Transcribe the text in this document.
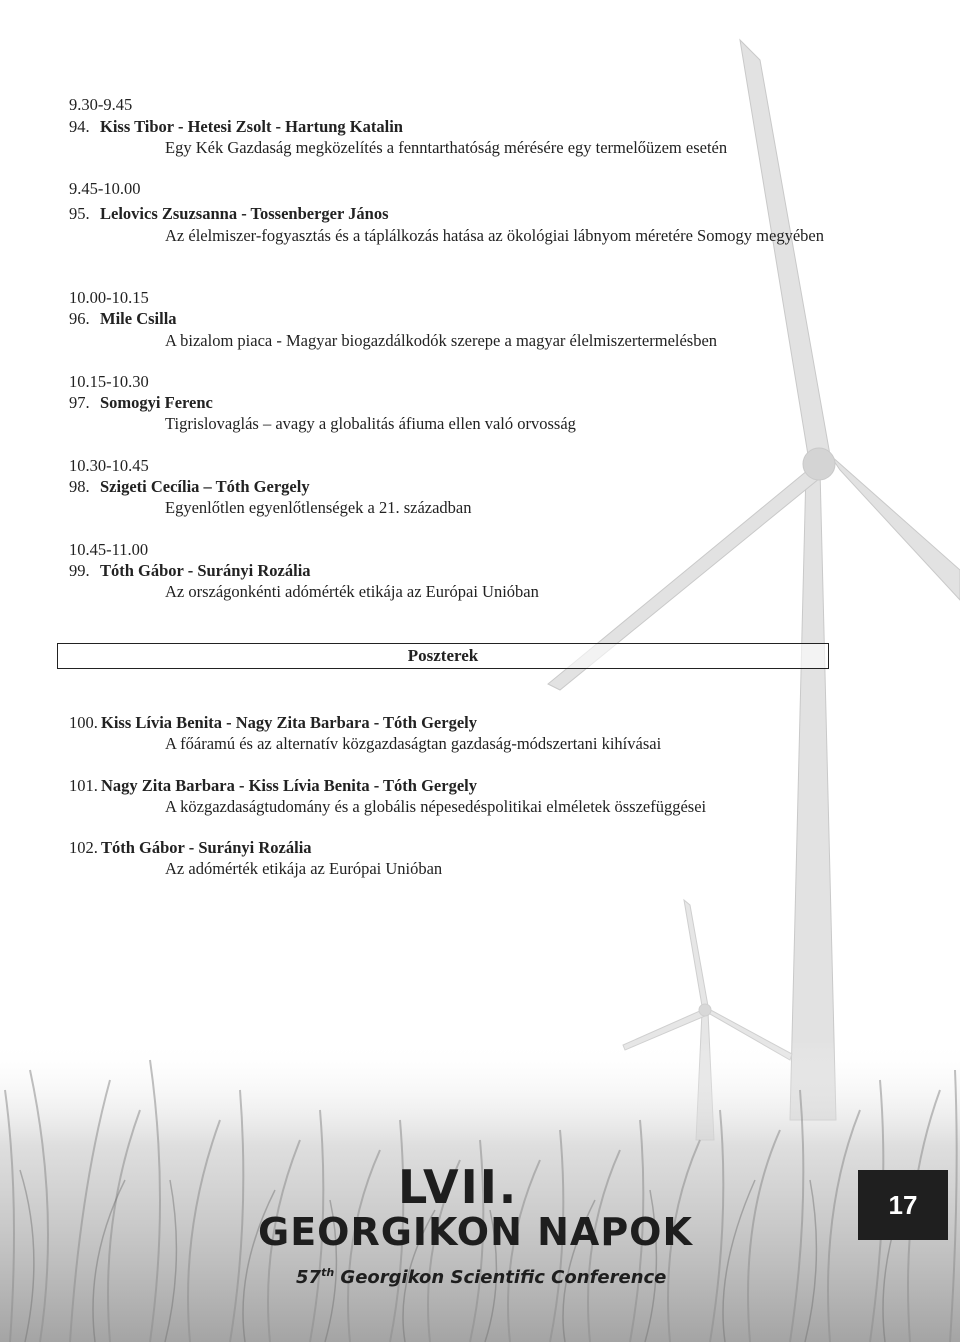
9.30-9.45
94. Kiss Tibor - Hetesi Zsolt - Hartung Katalin
Egy Kék Gazdaság megközelítés a fenntarthatóság mérésére egy termelőüzem esetén
9.45-10.00
95. Lelovics Zsuzsanna - Tossenberger János
Az élelmiszer-fogyasztás és a táplálkozás hatása az ökológiai lábnyom méretére Somogy megyében
10.00-10.15
96. Mile Csilla
A bizalom piaca - Magyar biogazdálkodók szerepe a magyar élelmiszertermelésben
10.15-10.30
97. Somogyi Ferenc
Tigrislovaglás – avagy a globalitás áfiuma ellen való orvosság
10.30-10.45
98. Szigeti Cecília – Tóth Gergely
Egyenlőtlen egyenlőtlenségek a 21. században
10.45-11.00
99. Tóth Gábor - Surányi Rozália
Az országonkénti adómérték etikája az Európai Unióban
Poszterek
100. Kiss Lívia Benita - Nagy Zita Barbara - Tóth Gergely
A főáramú és az alternatív közgazdaságtan gazdaság-módszertani kihívásai
101. Nagy Zita Barbara - Kiss Lívia Benita - Tóth Gergely
A közgazdaságtudomány és a globális népesedéspolitikai elméletek összefüggései
102. Tóth Gábor - Surányi Rozália
Az adómérték etikája az Európai Unióban
LVII.
GEORGIKON NAPOK
57th Georgikon Scientific Conference
17
